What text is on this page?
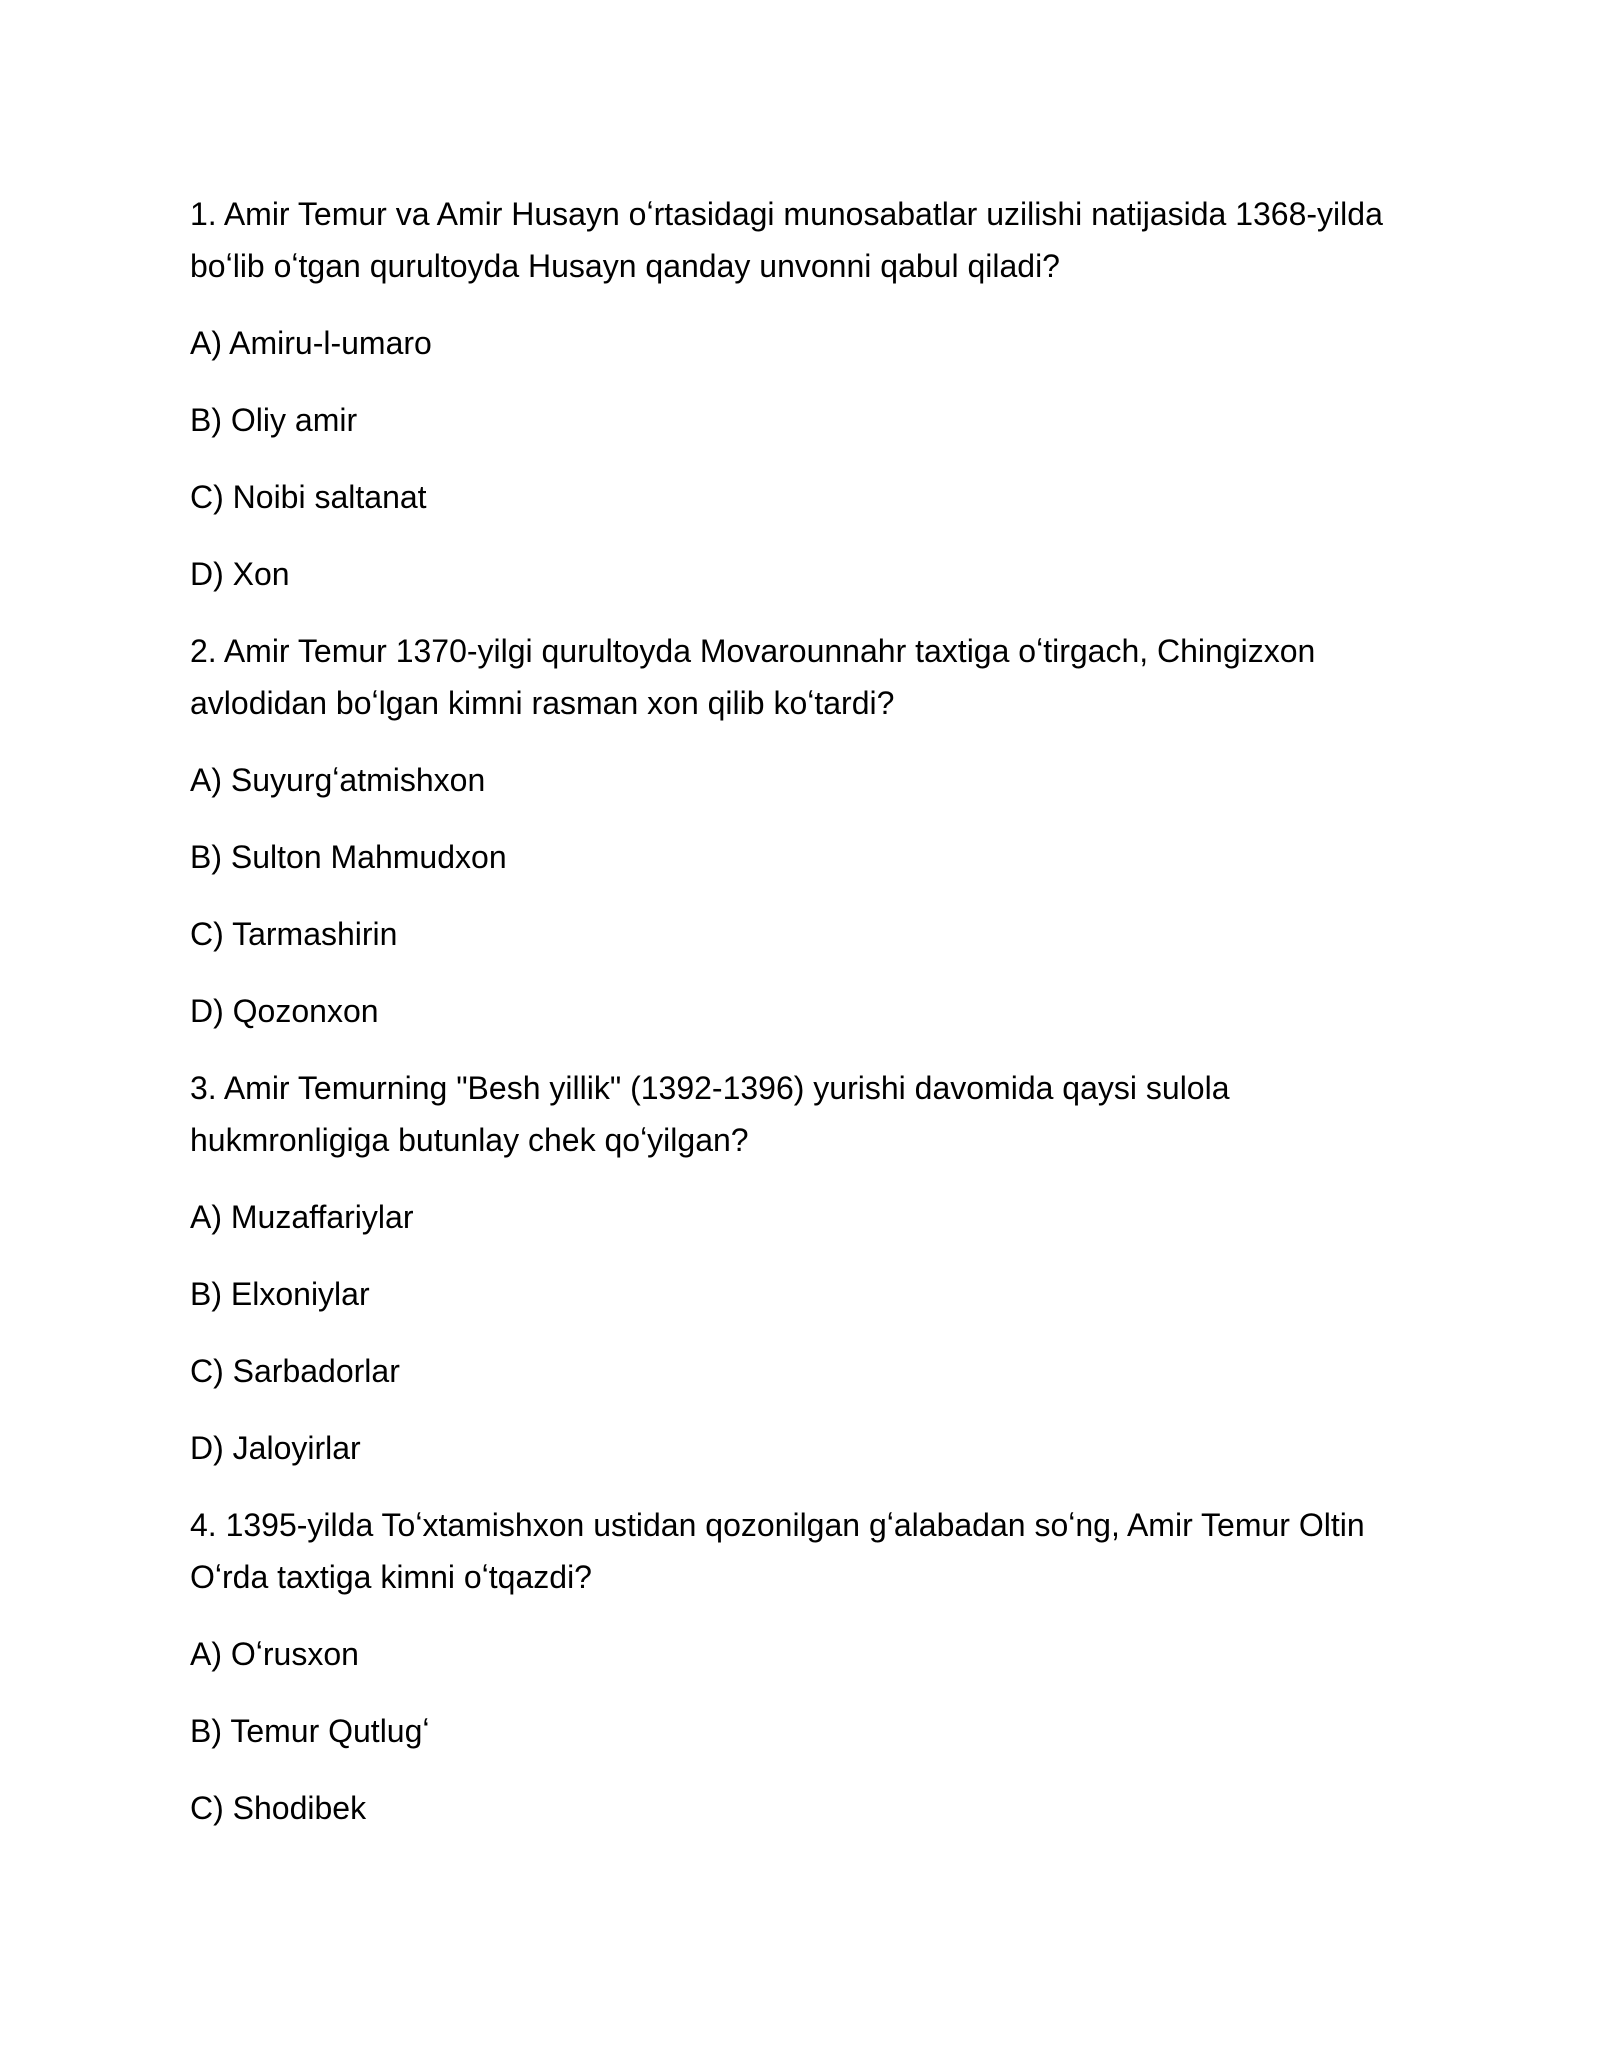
1. Amir Temur va Amir Husayn oʻrtasidagi munosabatlar uzilishi natijasida 1368-yilda boʻlib oʻtgan qurultoyda Husayn qanday unvonni qabul qiladi?

A) Amiru-l-umaro

B) Oliy amir

C) Noibi saltanat

D) Xon

2. Amir Temur 1370-yilgi qurultoyda Movarounnahr taxtiga oʻtirgach, Chingizxon avlodidan boʻlgan kimni rasman xon qilib koʻtardi?

A) Suyurgʻatmishxon

B) Sulton Mahmudxon

C) Tarmashirin

D) Qozonxon

3. Amir Temurning "Besh yillik" (1392-1396) yurishi davomida qaysi sulola hukmronligiga butunlay chek qoʻyilgan?

A) Muzaffariylar

B) Elxoniylar

C) Sarbadorlar

D) Jaloyirlar

4. 1395-yilda Toʻxtamishxon ustidan qozonilgan gʻalabadan soʻng, Amir Temur Oltin Oʻrda taxtiga kimni oʻtqazdi?

A) Oʻrusxon

B) Temur Qutlugʻ

C) Shodibek
